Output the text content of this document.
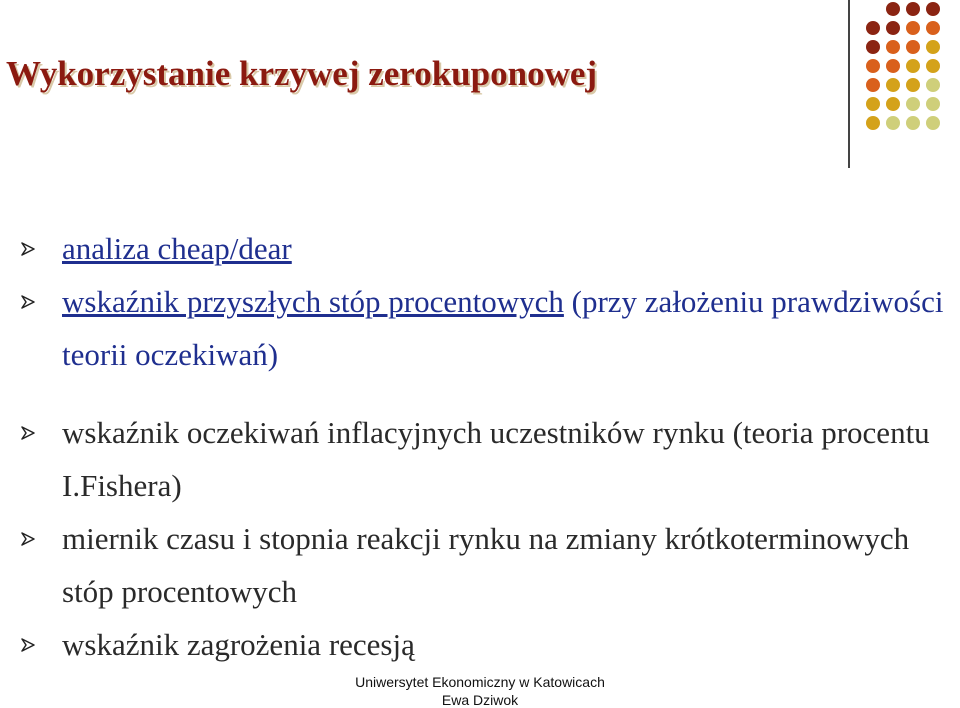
Wykorzystanie krzywej zerokuponowej
analiza cheap/dear
wskaźnik przyszłych stóp procentowych (przy założeniu prawdziwości teorii oczekiwań)
wskaźnik oczekiwań inflacyjnych uczestników rynku (teoria procentu I.Fishera)
miernik czasu i stopnia reakcji rynku na zmiany krótkoterminowych stóp procentowych
wskaźnik zagrożenia recesją
Uniwersytet Ekonomiczny w Katowicach
Ewa Dziwok
